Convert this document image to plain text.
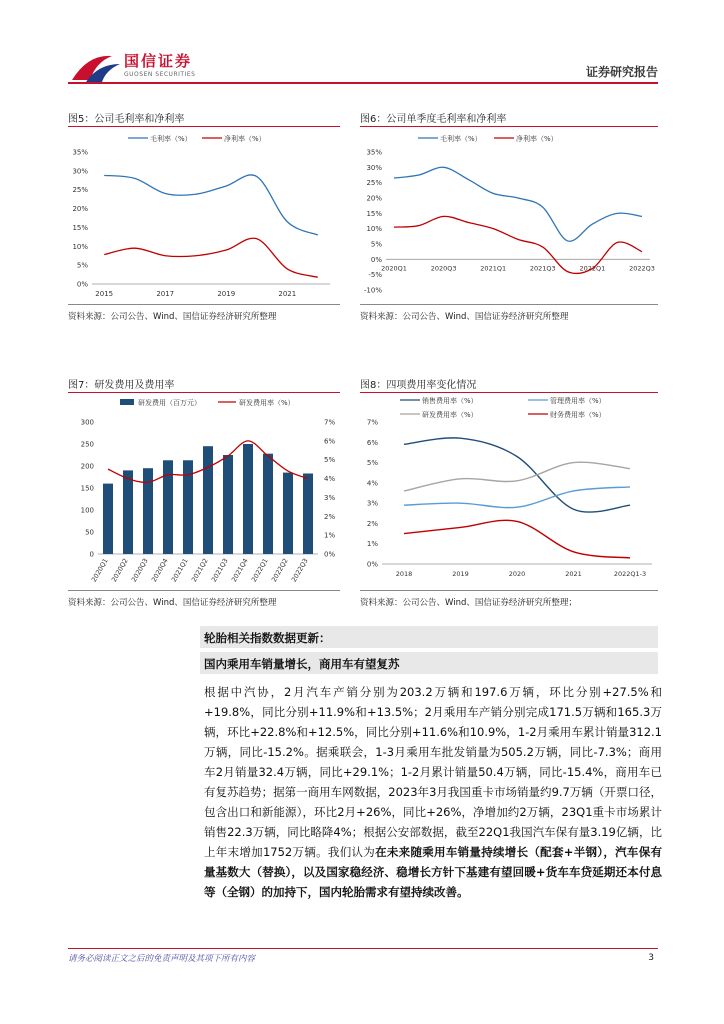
国信证券
GUOSEN SECURITIES	证券研究报告
图5：公司毛利率和净利率
毛利率（%）	净利率（%）
0%
5%
10%
15%
20%
25%
30%
35%
2015	2017	2019	2021
资料来源：公司公告、Wind、国信证券经济研究所整理
图6：公司单季度毛利率和净利率
毛利率（%）	净利率（%）
-10%
-5%
0%
5%
10%
15%
20%
25%
30%
35%
2020Q1	2020Q3	2021Q1	2021Q3	2022Q1	2022Q3
资料来源：公司公告、Wind、国信证券经济研究所整理
图7：研发费用及费用率
研发费用（百万元）	研发费用率（%）
0
50
100
150
200
250
300
0%
1%
2%
3%
4%
5%
6%
7%
2020Q1 2020Q2 2020Q3 2020Q4 2021Q1 2021Q2 2021Q3 2021Q4 2022Q1 2022Q2 2022Q3
资料来源：公司公告、Wind、国信证券经济研究所整理
图8：四项费用率变化情况
销售费用率（%）	管理费用率（%）
研发费用率（%）	财务费用率（%）
0%
1%
2%
3%
4%
5%
6%
7%
2018	2019	2020	2021	2022Q1-3
资料来源：公司公告、Wind、国信证券经济研究所整理；
轮胎相关指数数据更新：
国内乘用车销量增长，商用车有望复苏
根据中汽协，2月汽车产销分别为203.2万辆和197.6万辆，环比分别+27.5%和+19.8%，同比分别+11.9%和+13.5%；2月乘用车产销分别完成171.5万辆和165.3万辆，环比+22.8%和+12.5%，同比分别+11.6%和10.9%，1-2月乘用车累计销量312.1万辆，同比-15.2%。据乘联会，1-3月乘用车批发销量为505.2万辆，同比-7.3%；商用车2月销量32.4万辆，同比+29.1%；1-2月累计销量50.4万辆，同比-15.4%，商用车已有复苏趋势；据第一商用车网数据，2023年3月我国重卡市场销量约9.7万辆（开票口径，包含出口和新能源），环比2月+26%，同比+26%，净增加约2万辆，23Q1重卡市场累计销售22.3万辆，同比略降4%；根据公安部数据，截至22Q1我国汽车保有量3.19亿辆，比上年末增加1752万辆。我们认为在未来随乘用车销量持续增长（配套+半钢），汽车保有量基数大（替换），以及国家稳经济、稳增长方针下基建有望回暖+货车车贷延期还本付息等（全钢）的加持下，国内轮胎需求有望持续改善。
请务必阅读正文之后的免责声明及其项下所有内容	3
